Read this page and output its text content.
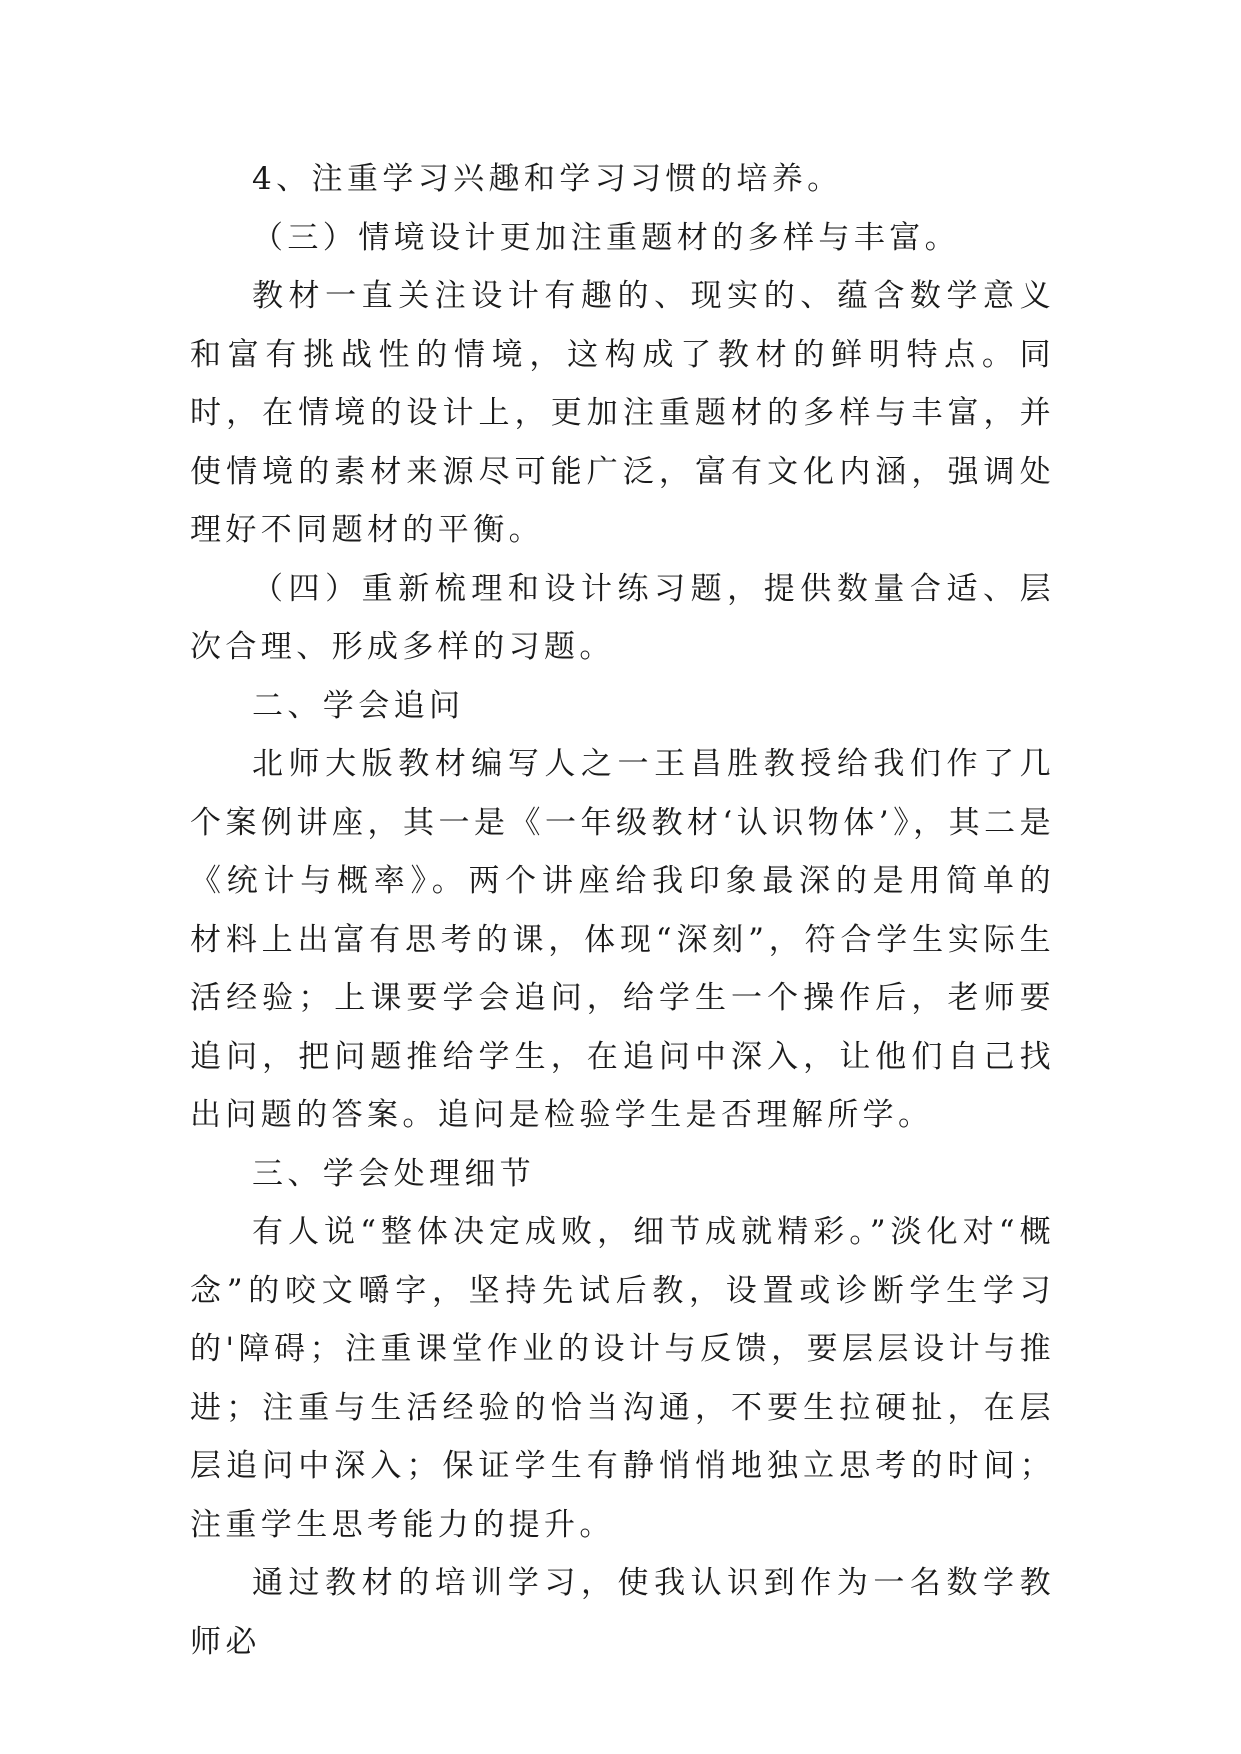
4、注重学习兴趣和学习习惯的培养。

（三）情境设计更加注重题材的多样与丰富。

教材一直关注设计有趣的、现实的、蕴含数学意义和富有挑战性的情境，这构成了教材的鲜明特点。同时，在情境的设计上，更加注重题材的多样与丰富，并使情境的素材来源尽可能广泛，富有文化内涵，强调处理好不同题材的平衡。

（四）重新梳理和设计练习题，提供数量合适、层次合理、形成多样的习题。

二、学会追问

北师大版教材编写人之一王昌胜教授给我们作了几个案例讲座，其一是《一年级教材‘认识物体’》，其二是《统计与概率》。两个讲座给我印象最深的是用简单的材料上出富有思考的课，体现“深刻”，符合学生实际生活经验；上课要学会追问，给学生一个操作后，老师要追问，把问题推给学生，在追问中深入，让他们自己找出问题的答案。追问是检验学生是否理解所学。

三、学会处理细节

有人说“整体决定成败，细节成就精彩。”淡化对“概念”的咬文嚼字，坚持先试后教，设置或诊断学生学习的'障碍；注重课堂作业的设计与反馈，要层层设计与推进；注重与生活经验的恰当沟通，不要生拉硬扯，在层层追问中深入；保证学生有静悄悄地独立思考的时间；注重学生思考能力的提升。

通过教材的培训学习，使我认识到作为一名数学教师必
